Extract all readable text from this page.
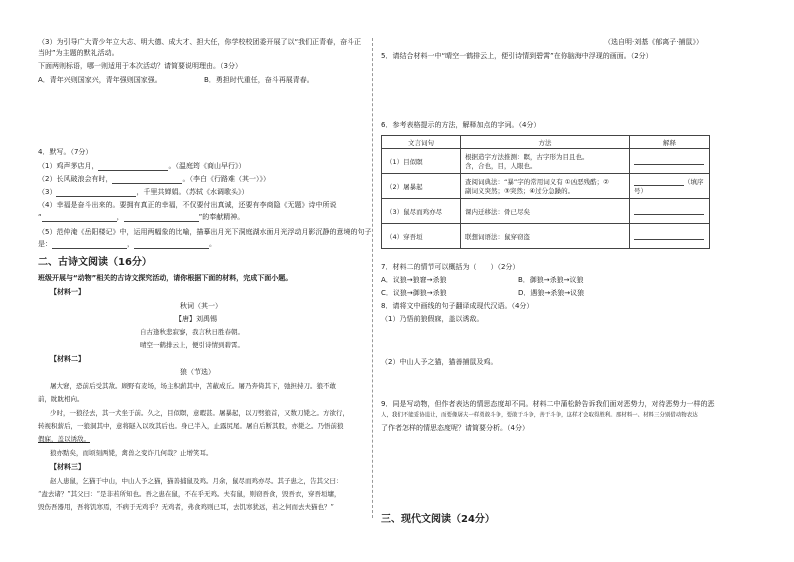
（3）为引导广大青少年立大志、明大德、成大才、担大任，你学校校团委开展了以“我们正青春，奋斗正
当时”为主题的默礼活动。
下面两则标语，哪一则适用于本次活动？请简要说明理由。（3分）
A．青年兴则国家兴，青年强则国家强。	B．勇担时代重任，奋斗再展青春。
4．默写。（7分）
（1）鸡声茅店月，	。（温庭筠《商山早行》）
（2）长风破浪会有时，	。（李白《行路难（其一）》）
（3）	，千里共婵娟。（苏轼《水调歌头》）
（4）幸福是奋斗出来的。要拥有真正的幸福，不仅要付出真诚，还要有李商隐《无题》诗中所说
“	，	”的奉献精神。
（5）范仲淹《岳阳楼记》中，运用两幅象的比喻，描摹出月光下洞庭湖水面月光浮动月影沉静的意境的句子
是：	，	。
二、古诗文阅读（16分）
班级开展与“动物”相关的古诗文探究活动，请你根据下面的材料，完成下面小题。
【材料一】
秋词（其一）
【唐】刘禹锡
自古逢秋悲寂寥，我言秋日胜春朝。
晴空一鹤排云上，便引诗情到碧霄。
【材料二】
狼（节选）
屠大窘，恐前后受其敌。顾野有麦场，场主积薪其中，苫蔽成丘。屠乃奔倚其下，弛担持刀。狼不敢
前，眈眈相向。
少时，一狼径去，其一犬坐于前。久之，目似瞑，意暇甚。屠暴起，以刀劈狼首，又数刀毙之。方欲行，
转视积薪后，一狼洞其中，意将隧入以攻其后也。身已半入，止露尻尾。屠自后断其股，亦毙之。乃悟前狼
假寐，盖以诱敌。
狼亦黠矣，而顷刻两毙，禽兽之变诈几何哉？止增笑耳。
【材料三】
赵人患鼠，乞猫于中山，中山人予之猫，猫善捕鼠及鸡。月余，鼠尽而鸡亦尽。其子患之，告其父曰：
“盍去诸？”其父曰：“是非若所知也。吾之患在鼠，不在乎无鸡。夫有鼠，则窃吾食，毁吾衣，穿吾垣墉，
毁伤吾器用，吾将饥寒焉，不病于无鸡乎？无鸡者，弗食鸡则已耳，去饥寒犹远，若之何而去夫猫也？”
（选自明·刘基《郁离子·捕鼠》）
5．请结合材料一中“晴空一鹤排云上，便引诗情到碧霄”在你脑海中浮现的画面。（2分）
6．参考表格提示的方法，解释加点的字词。（4分）
文言词句	方法	解释
（1）目似瞑	根据造字方法推测：瞑，古字形为目且也。
含，合也，目，人眼也。	

（2）屠暴起	查阅词典法：“暴”字的常用词义有 ①凶恶残酷；②
副词义突然；③突然；④过分急躁的。	（填序号）
（3）鼠尽而鸡亦尽	课内迁移法：骨已尽矣	
（4）穿吾垣	联想词语法：鼠穿窃盗	
7．材料二的情节可以概括为（　　）（2分）
A．议狼→狼窘→杀狼	B．御狼→杀狼→议狼
C．议狼→御狼→杀狼	D．遇狼→杀狼→议狼
8．请将文中画线的句子翻译成现代汉语。（4分）
（1）乃悟前狼假寐，盖以诱敌。
（2）中山人予之猫，猫善捕鼠及鸡。
9．同是写动物，但作者表达的情思态度却不同。材料二中蒲松龄告诉我们面对恶势力，对待恶势力一样的恶
人，我们不能妥协退让，而要像屠夫一样勇敢斗争，要敢于斗争，善于斗争，这样才会取得胜利。那材料一、材料三分别借动物表达
了作者怎样的情思态度呢？请简要分析。（4分）
三、现代文阅读（24分）
